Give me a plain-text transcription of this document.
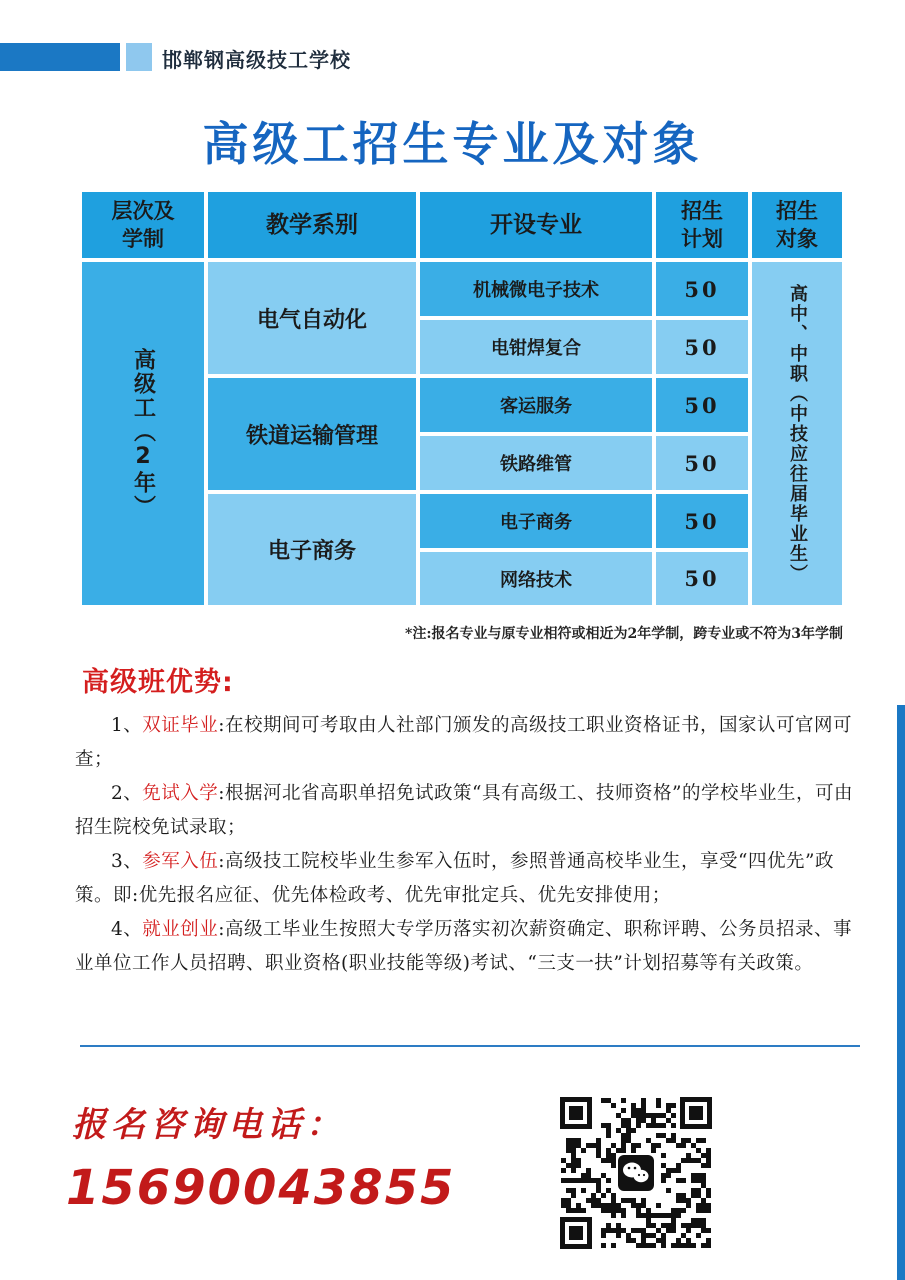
邯郸钢高级技工学校
高级工招生专业及对象
层次及
学制
教学系别	开设专业
招生
计划
招生
对象
高级工（2年）
电气自动化
铁道运输管理
电子商务
机械微电子技术
电钳焊复合
客运服务
铁路维管
电子商务
网络技术
50
50
50
50
50
50	高中、中职（中技应往届毕业生）
*注:报名专业与原专业相符或相近为2年学制，跨专业或不符为3年学制
高级班优势:

1、双证毕业:在校期间可考取由人社部门颁发的高级技工职业资格证书，国家认可官网可查；

2、免试入学:根据河北省高职单招免试政策“具有高级工、技师资格”的学校毕业生，可由招生院校免试录取；

3、参军入伍:高级技工院校毕业生参军入伍时，参照普通高校毕业生，享受“四优先”政策。即:优先报名应征、优先体检政考、优先审批定兵、优先安排使用；

4、就业创业:高级工毕业生按照大专学历落实初次薪资确定、职称评聘、公务员招录、事业单位工作人员招聘、职业资格(职业技能等级)考试、“三支一扶”计划招募等有关政策。

报名咨询电话：
15690043855
